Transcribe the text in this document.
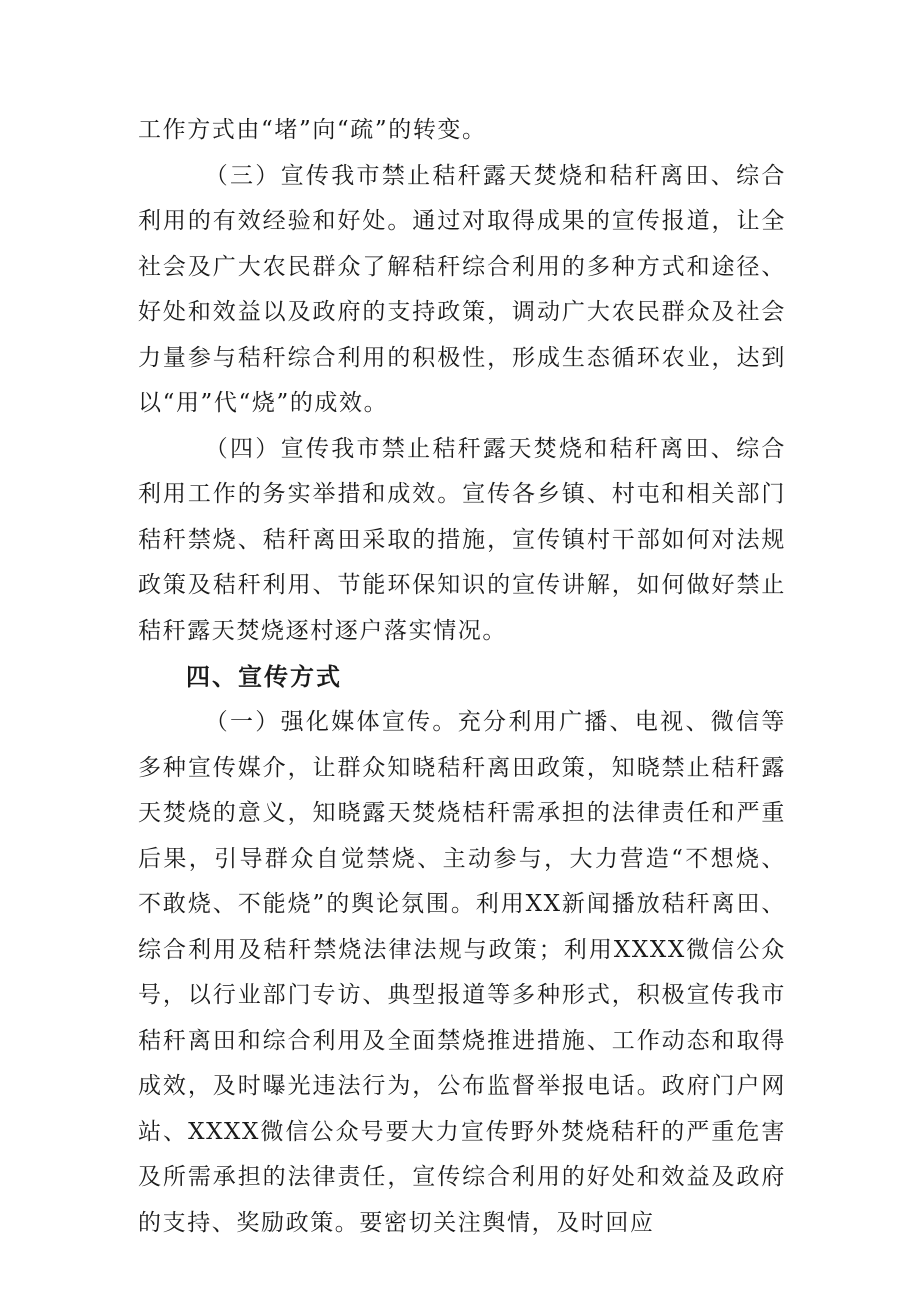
工作方式由“堵”向“疏”的转变。

（三）宣传我市禁止秸秆露天焚烧和秸秆离田、综合利用的有效经验和好处。通过对取得成果的宣传报道，让全社会及广大农民群众了解秸秆综合利用的多种方式和途径、好处和效益以及政府的支持政策，调动广大农民群众及社会力量参与秸秆综合利用的积极性，形成生态循环农业，达到以“用”代“烧”的成效。

（四）宣传我市禁止秸秆露天焚烧和秸秆离田、综合利用工作的务实举措和成效。宣传各乡镇、村屯和相关部门秸秆禁烧、秸秆离田采取的措施，宣传镇村干部如何对法规政策及秸秆利用、节能环保知识的宣传讲解，如何做好禁止秸秆露天焚烧逐村逐户落实情况。

四、宣传方式

（一）强化媒体宣传。充分利用广播、电视、微信等多种宣传媒介，让群众知晓秸秆离田政策，知晓禁止秸秆露天焚烧的意义，知晓露天焚烧桔秆需承担的法律责任和严重后果，引导群众自觉禁烧、主动参与，大力营造“不想烧、不敢烧、不能烧”的舆论氛围。利用XX新闻播放秸秆离田、综合利用及秸秆禁烧法律法规与政策；利用XXXX微信公众号，以行业部门专访、典型报道等多种形式，积极宣传我市秸秆离田和综合利用及全面禁烧推进措施、工作动态和取得成效，及时曝光违法行为，公布监督举报电话。政府门户网站、XXXX微信公众号要大力宣传野外焚烧秸秆的严重危害及所需承担的法律责任，宣传综合利用的好处和效益及政府的支持、奖励政策。要密切关注舆情，及时回应
